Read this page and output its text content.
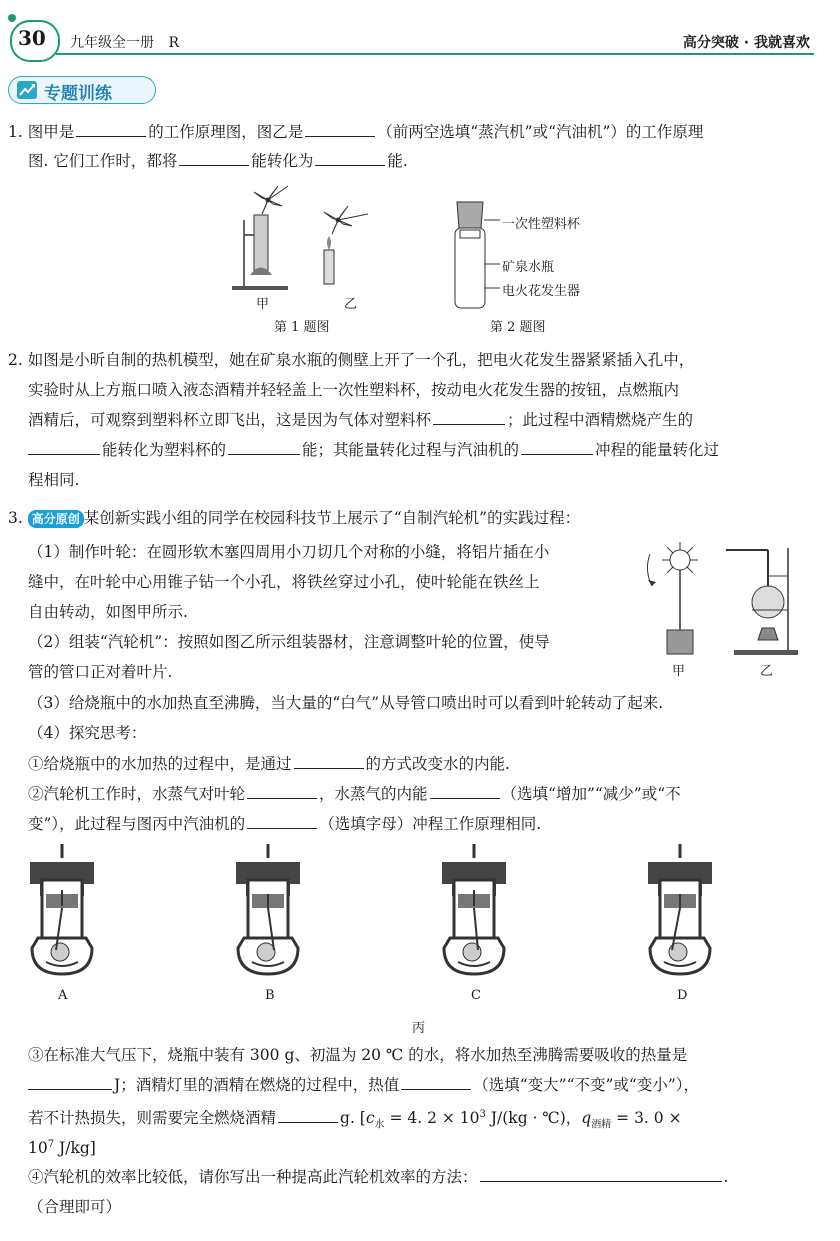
30 九年级全一册 R	高分突破 · 我就喜欢
专题训练
1. 图甲是	的工作原理图，图乙是	（前两空选填“蒸汽机”或“汽油机”）的工作原理
图. 它们工作时，都将	能转化为	能.
甲	乙
第 1 题图
一次性塑料杯
矿泉水瓶
电火花发生器
第 2 题图
2. 如图是小昕自制的热机模型，她在矿泉水瓶的侧壁上开了一个孔，把电火花发生器紧紧插入孔中，
实验时从上方瓶口喷入液态酒精并轻轻盖上一次性塑料杯，按动电火花发生器的按钮，点燃瓶内
酒精后，可观察到塑料杯立即飞出，这是因为气体对塑料杯	；此过程中酒精燃烧产生的
能转化为塑料杯的	能；其能量转化过程与汽油机的	冲程的能量转化过
程相同.
3. 高分原创 某创新实践小组的同学在校园科技节上展示了“自制汽轮机”的实践过程：
（1）制作叶轮：在圆形软木塞四周用小刀切几个对称的小缝，将铝片插在小
缝中，在叶轮中心用锥子钻一个小孔，将铁丝穿过小孔，使叶轮能在铁丝上
自由转动，如图甲所示.
（2）组装“汽轮机”：按照如图乙所示组装器材，注意调整叶轮的位置，使导
管的管口正对着叶片.	甲	乙
（3）给烧瓶中的水加热直至沸腾，当大量的“白气”从导管口喷出时可以看到叶轮转动了起来.
（4）探究思考：
①给烧瓶中的水加热的过程中，是通过	的方式改变水的内能.
②汽轮机工作时，水蒸气对叶轮	，水蒸气的内能	（选填“增加”“减少”或“不
变”），此过程与图丙中汽油机的	（选填字母）冲程工作原理相同.
A	B	C	D
丙
③在标准大气压下，烧瓶中装有 300 g、初温为 20 ℃ 的水，将水加热至沸腾需要吸收的热量是
J；酒精灯里的酒精在燃烧的过程中，热值	（选填“变大”“不变”或“变小”），
若不计热损失，则需要完全燃烧酒精	g. [$c_水 = 4$. $2 \times 10^3$ J/(kg · ℃)，$q_{酒精} = 3$. 0 ×
$10^7$ J/kg]
④汽轮机的效率比较低，请你写出一种提高此汽轮机效率的方法：	.
（合理即可）
